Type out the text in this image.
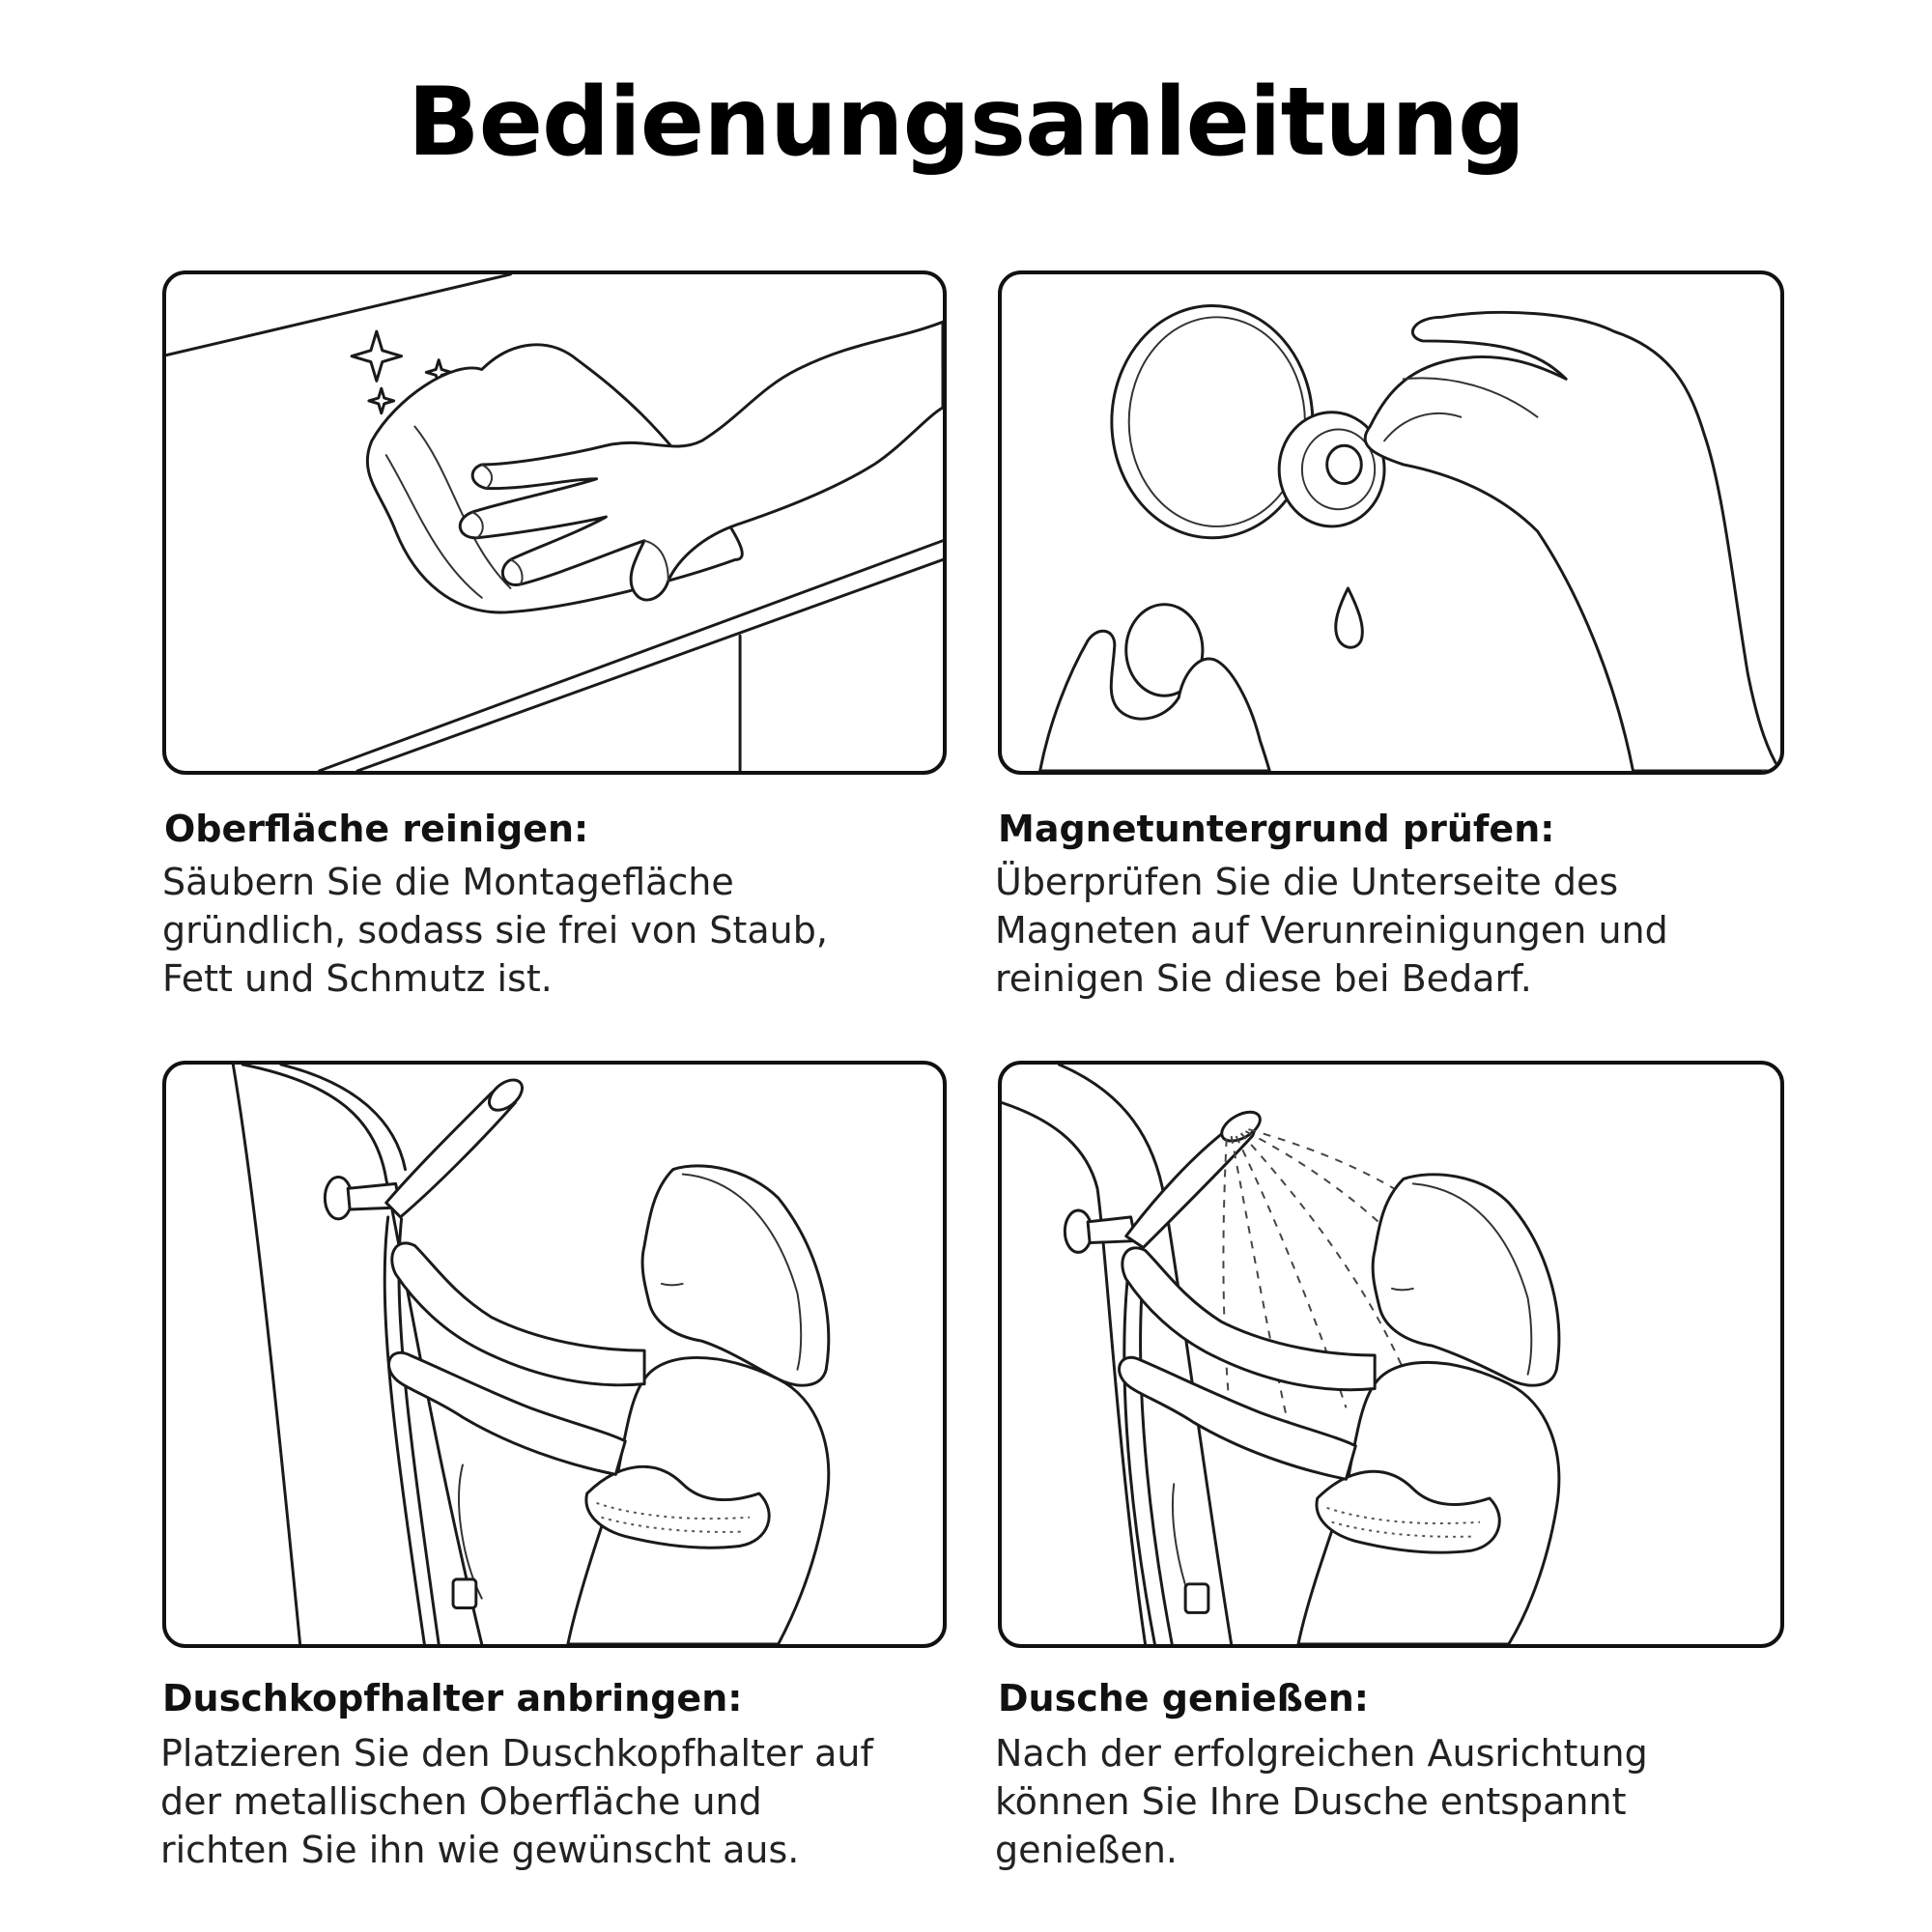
Bedienungsanleitung
Oberfläche reinigen:
Säubern Sie die Montagefläche
gründlich, sodass sie frei von Staub,
Fett und Schmutz ist.
Magnetuntergrund prüfen:
Überprüfen Sie die Unterseite des
Magneten auf Verunreinigungen und
reinigen Sie diese bei Bedarf.
Duschkopfhalter anbringen:
Platzieren Sie den Duschkopfhalter auf
der metallischen Oberfläche und
richten Sie ihn wie gewünscht aus.
Dusche genießen:
Nach der erfolgreichen Ausrichtung
können Sie Ihre Dusche entspannt
genießen.
